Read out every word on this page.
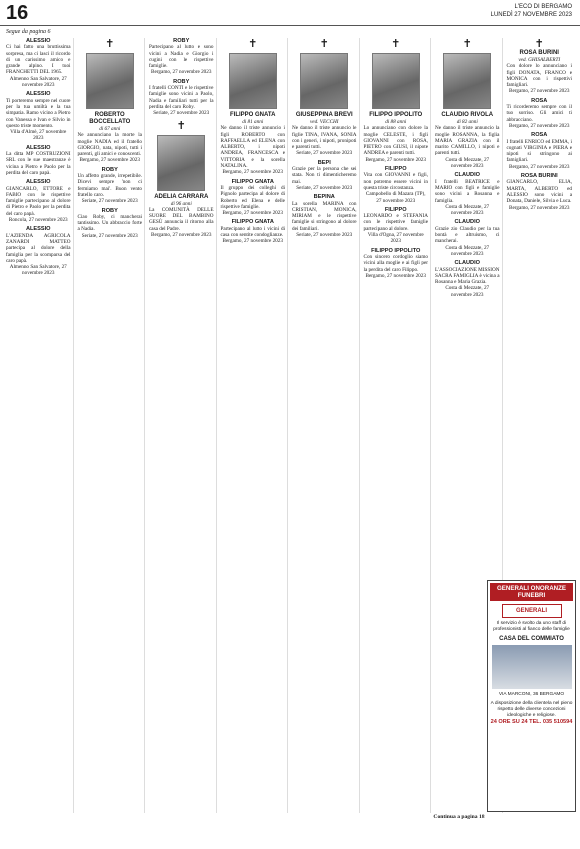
16	L'ECO DI BERGAMO
LUNEDÌ 27 NOVEMBRE 2023
Segue da pagina 6
ALESSIO
Ci hai fatto una bruttissima sorpresa, ma ci lasci il ricordo di un carissimo amico e grande alpino. I tuoi FRANCHETTI DEL 1965.
Almenno San Salvatore, 27 novembre 2023
ALESSIO
Ti porteremo sempre nel cuore per la tua umiltà e la tua simpatia. Ramo vicino a Pietro con Vanessa e Ivan e Silvio in questo triste momento.
Villa d'Almè, 27 novembre 2023
ALESSIO
La ditta MP COSTRUZIONI SRL con le sue maestranze è vicina a Pietro e Paolo per la perdita del caro papà.
ALESSIO
GIANCARLO, ETTORE e FABIO con le rispettive famiglie partecipano al dolore di Pietro e Paolo per la perdita del caro papà.
Roncola, 27 novembre 2023
ALESSIO
L'AZIENDA AGRICOLA ZANARDI MATTEO partecipa al dolore della famiglia per la scomparsa del caro papà.
Almenno San Salvatore, 27 novembre 2023
✝
ROBERTO BOCCELLATO
di 67 anni
Ne annunciano la morte la moglie NADIA ed il fratello GIORGIO, nata, nipoti, tutti i parenti, gli amici e conoscenti.
Bergamo, 27 novembre 2023
ROBY
Un affetto grande, irrepetibile. Dicevi sempre 'non ci fermiamo mai'. Buon vento fratello caro.
Seriate, 27 novembre 2023
ROBY
Ciao Roby, ci mancherai tantissimo. Un abbraccio forte a Nadia.
Seriate, 27 novembre 2023
ROBY
Partecipano al lutto e sono vicini a Nadia e Giorgio i cugini con le rispettive famiglie.
Bergamo, 27 novembre 2023
ROBY
I fratelli CONTI e le rispettive famiglie sono vicini a Paolo, Nadia e familiari tutti per la perdita del caro Roby.
Seriate, 27 novembre 2023
✝
ADELIA CARRARA
di 96 anni
La COMUNITÀ DELLE SUORE DEL BAMBINO GESÙ annuncia il ritorno alla casa del Padre.
Bergamo, 27 novembre 2023
✝
FILIPPO GNATA
di 81 anni
Ne danno il triste annuncio i figli ROBERTO con RAFFAELLA ed ELENA con ALBERTO, i nipoti ANDREA, FRANCESCA e VITTORIA e la sorella NATALINA.
Bergamo, 27 novembre 2023
FILIPPO GNATA
Il gruppo dei colleghi di Pignolo partecipa al dolore di Roberto ed Elena e delle rispettive famiglie.
Bergamo, 27 novembre 2023
FILIPPO GNATA
Partecipano al lutto i vicini di casa con sentite condoglianze.
Bergamo, 27 novembre 2023
✝
GIUSEPPINA BREVI
ved. VECCHI
Ne danno il triste annuncio le figlie TINA, IVANA, SONIA con i generi, i nipoti, pronipoti e parenti tutti.
Seriate, 27 novembre 2023
BEPI
Grazie per la persona che sei stata. Non ti dimenticheremo mai.
Seriate, 27 novembre 2023
BEPINA
La sorella MARINA con CRISTIAN, MONICA, MIRIAM e le rispettive famiglie si stringono al dolore dei familiari.
Seriate, 27 novembre 2023
✝
FILIPPO IPPOLITO
di 88 anni
Lo annunciano con dolore la moglie CELESTE, i figli GIOVANNI con ROSA, PIETRO con GIUSI, il nipote ANDREA e parenti tutti.
Bergamo, 27 novembre 2023
FILIPPO
Vita con GIOVANNI e figli, non potremo essere vicini in questa triste circostanza.
Campobello di Mazara (TP), 27 novembre 2023
FILIPPO
LEONARDO e STEFANIA con le rispettive famiglie partecipano al dolore.
Villa d'Ogna, 27 novembre 2023
FILIPPO IPPOLITO
Con sincero cordoglio siamo vicini alla moglie e ai figli per la perdita del caro Filippo.
Bergamo, 27 novembre 2023
✝
CLAUDIO RIVOLA
di 82 anni
Ne danno il triste annuncio la moglie ROSANNA, la figlia MARIA GRAZIA con il marito CAMILLO, i nipoti e parenti tutti.
Costa di Mezzate, 27 novembre 2023
CLAUDIO
I fratelli BEATRICE e MARIO con figli e famiglie sono vicini a Rosanna e famiglia.
Costa di Mezzate, 27 novembre 2023
CLAUDIO
Grazie zio Claudio per la tua bontà e altruismo, ci mancherai.
Costa di Mezzate, 27 novembre 2023
CLAUDIO
L'ASSOCIAZIONE MISSION SACRA FAMIGLIA è vicina a Rosanna e Maria Grazia.
Costa di Mezzate, 27 novembre 2023
✝
ROSA BURINI
ved. GHISALBERTI
Con dolore lo annunciano i figli DONATA, FRANCO e MONICA con i rispettivi famigliari.
Bergamo, 27 novembre 2023
ROSA
Ti ricorderemo sempre con il tuo sorriso. Gli amici ti abbracciano.
Bergamo, 27 novembre 2023
ROSA
I fratelli ENRICO ed EMMA, i cognati VIRGINIA e PIERA e nipoti si stringono ai famigliari.
Bergamo, 27 novembre 2023
ROSA BURINI
GIANCARLO, ELIA, MARTA, ALBERTO ed ALESSIO sono vicini a Donata, Daniele, Silvia e Luca.
Bergamo, 27 novembre 2023
GENERALI ONORANZE FUNEBRI
GENERALI
Il servizio è svolto da uno staff di professionisti al fianco delle famiglie
CASA DEL COMMIATO
VIA MARCONI, 36 BERGAMO
A disposizione della clientela nel pieno rispetto delle diverse concezioni ideologiche e religiose.
24 ORE SU 24 TEL. 035 510594
Continua a pagina 18
